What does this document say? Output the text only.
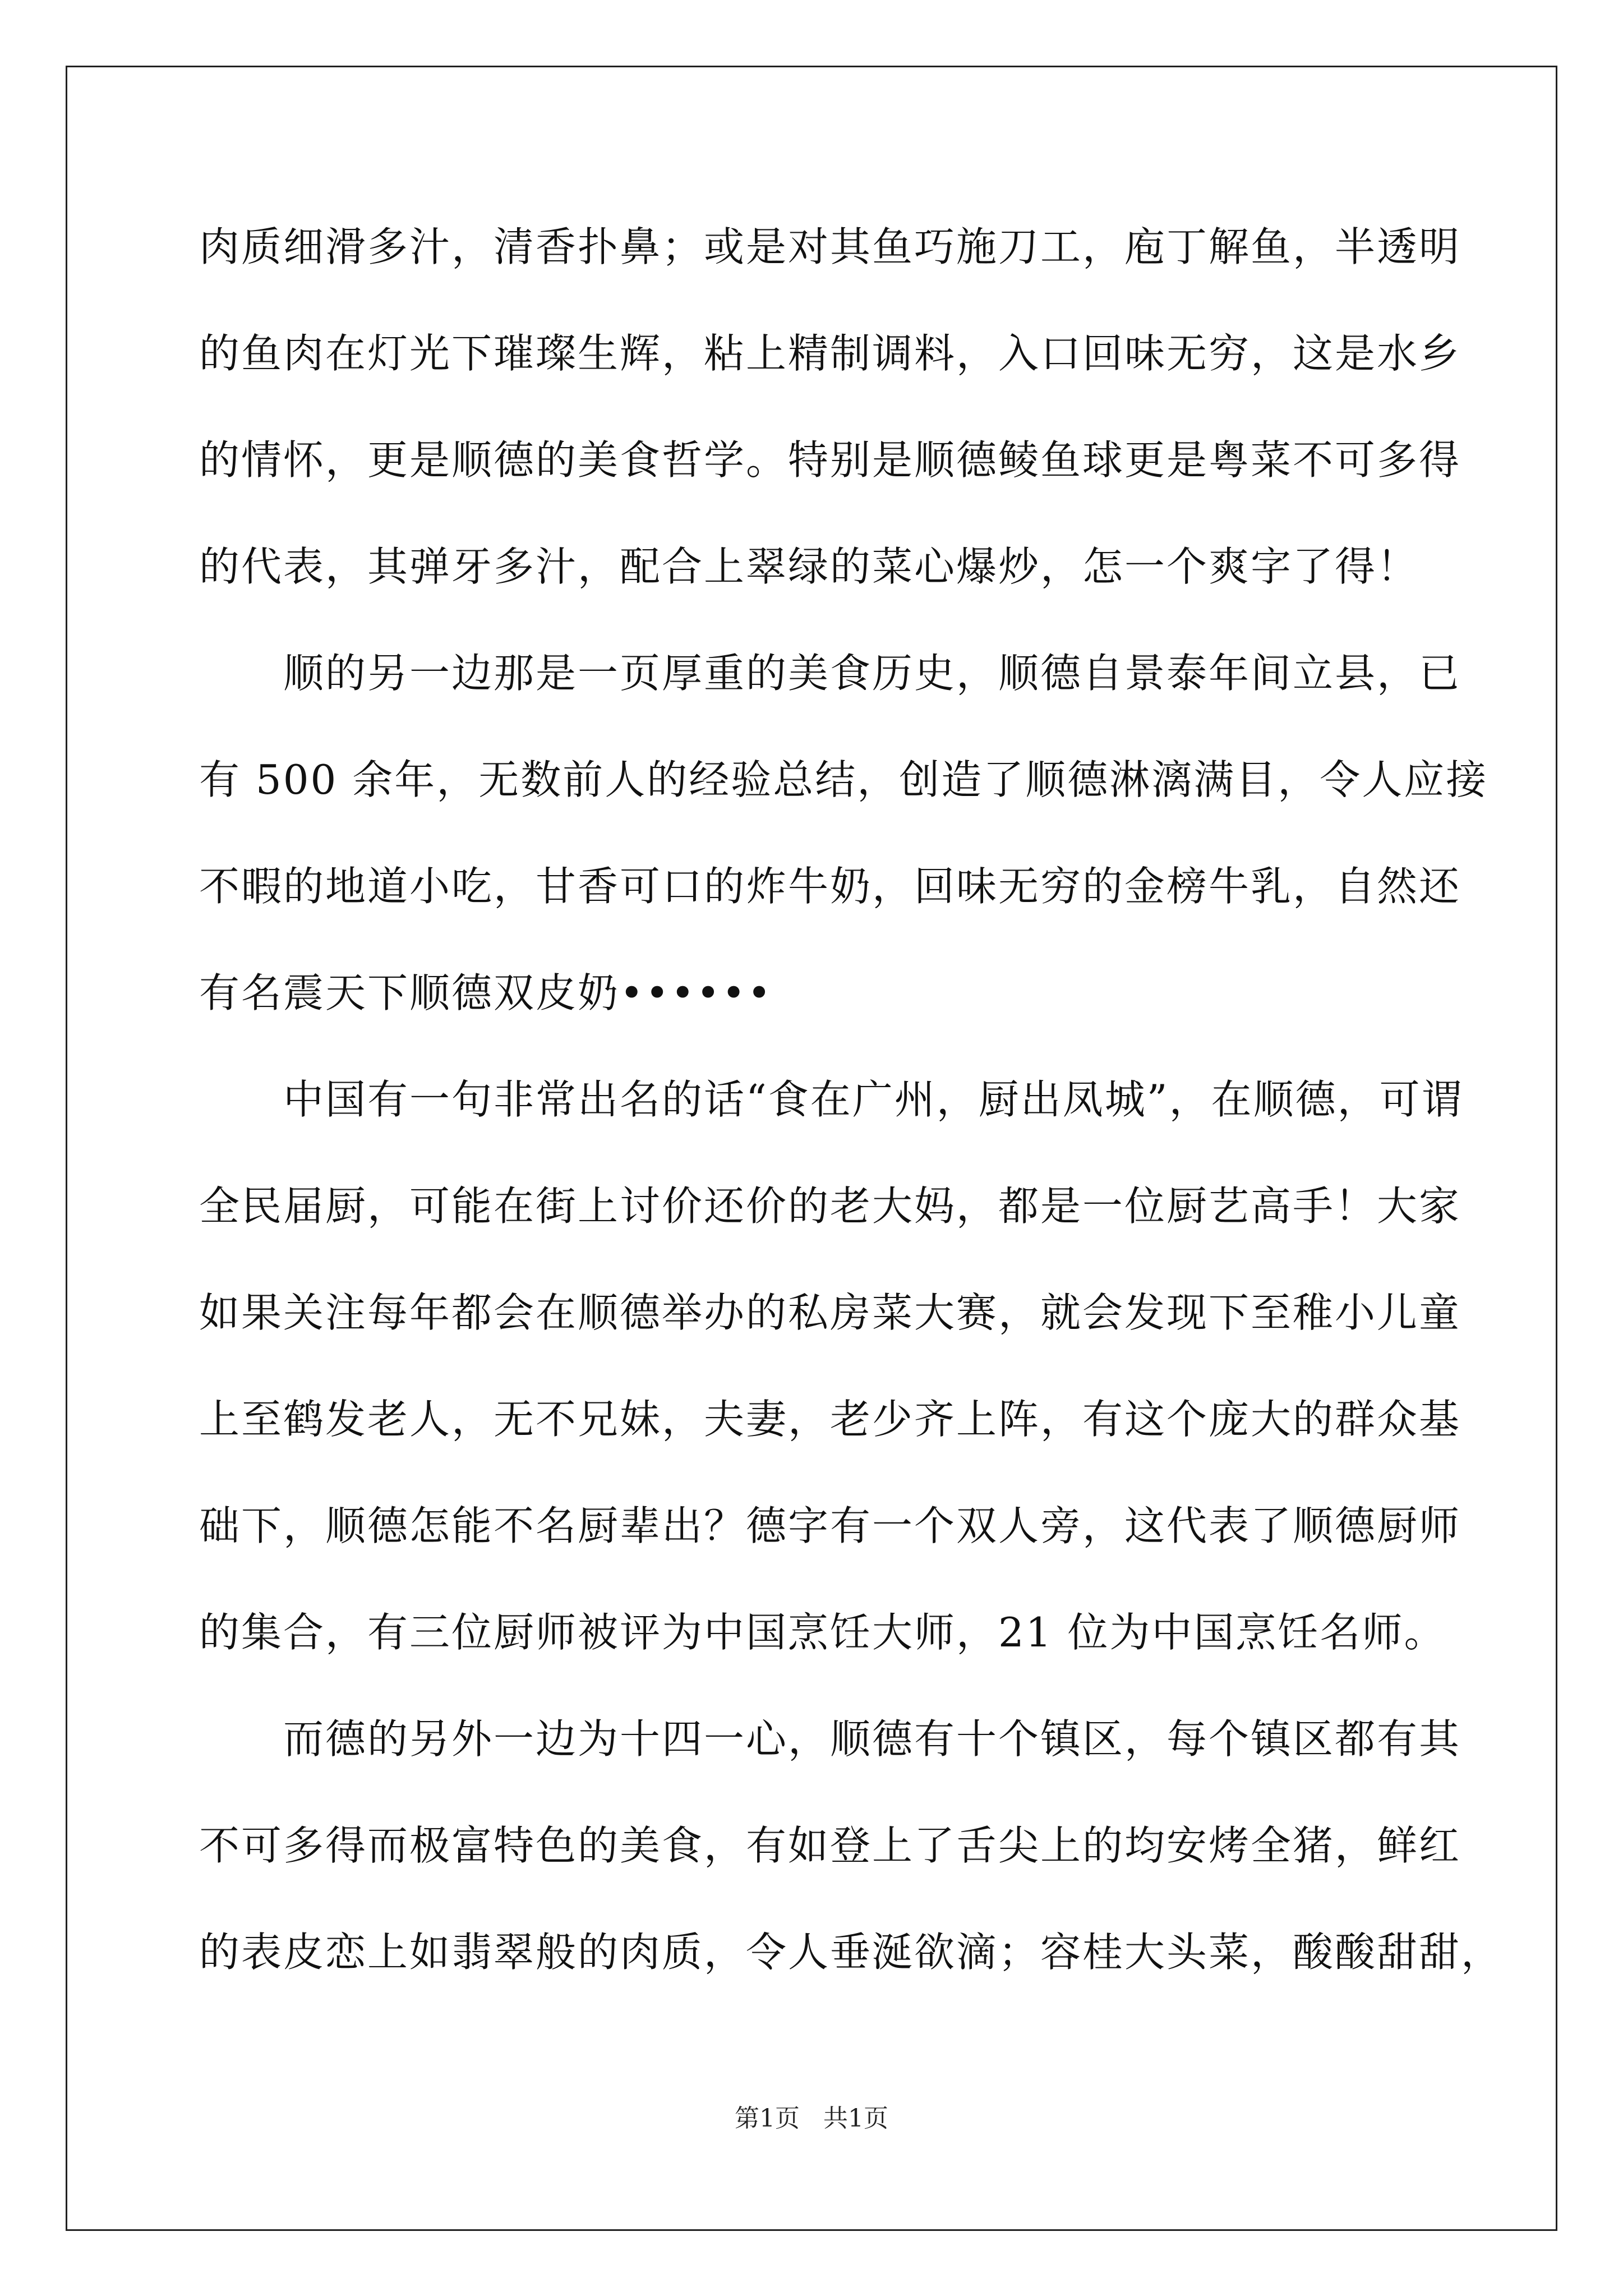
肉质细滑多汁，清香扑鼻；或是对其鱼巧施刀工，庖丁解鱼，半透明
的鱼肉在灯光下璀璨生辉，粘上精制调料，入口回味无穷，这是水乡
的情怀，更是顺德的美食哲学。特别是顺德鲮鱼球更是粤菜不可多得
的代表，其弹牙多汁，配合上翠绿的菜心爆炒，怎一个爽字了得！
顺的另一边那是一页厚重的美食历史，顺德自景泰年间立县，已
有 500 余年，无数前人的经验总结，创造了顺德淋漓满目，令人应接
不暇的地道小吃，甘香可口的炸牛奶，回味无穷的金榜牛乳，自然还
有名震天下顺德双皮奶••••••
中国有一句非常出名的话“食在广州，厨出凤城”，在顺德，可谓
全民届厨，可能在街上讨价还价的老大妈，都是一位厨艺高手！大家
如果关注每年都会在顺德举办的私房菜大赛，就会发现下至稚小儿童
上至鹤发老人，无不兄妹，夫妻，老少齐上阵，有这个庞大的群众基
础下，顺德怎能不名厨辈出？德字有一个双人旁，这代表了顺德厨师
的集合，有三位厨师被评为中国烹饪大师，21 位为中国烹饪名师。
而德的另外一边为十四一心，顺德有十个镇区，每个镇区都有其
不可多得而极富特色的美食，有如登上了舌尖上的均安烤全猪，鲜红
的表皮恋上如翡翠般的肉质，令人垂涎欲滴；容桂大头菜，酸酸甜甜，
第1页 共1页
